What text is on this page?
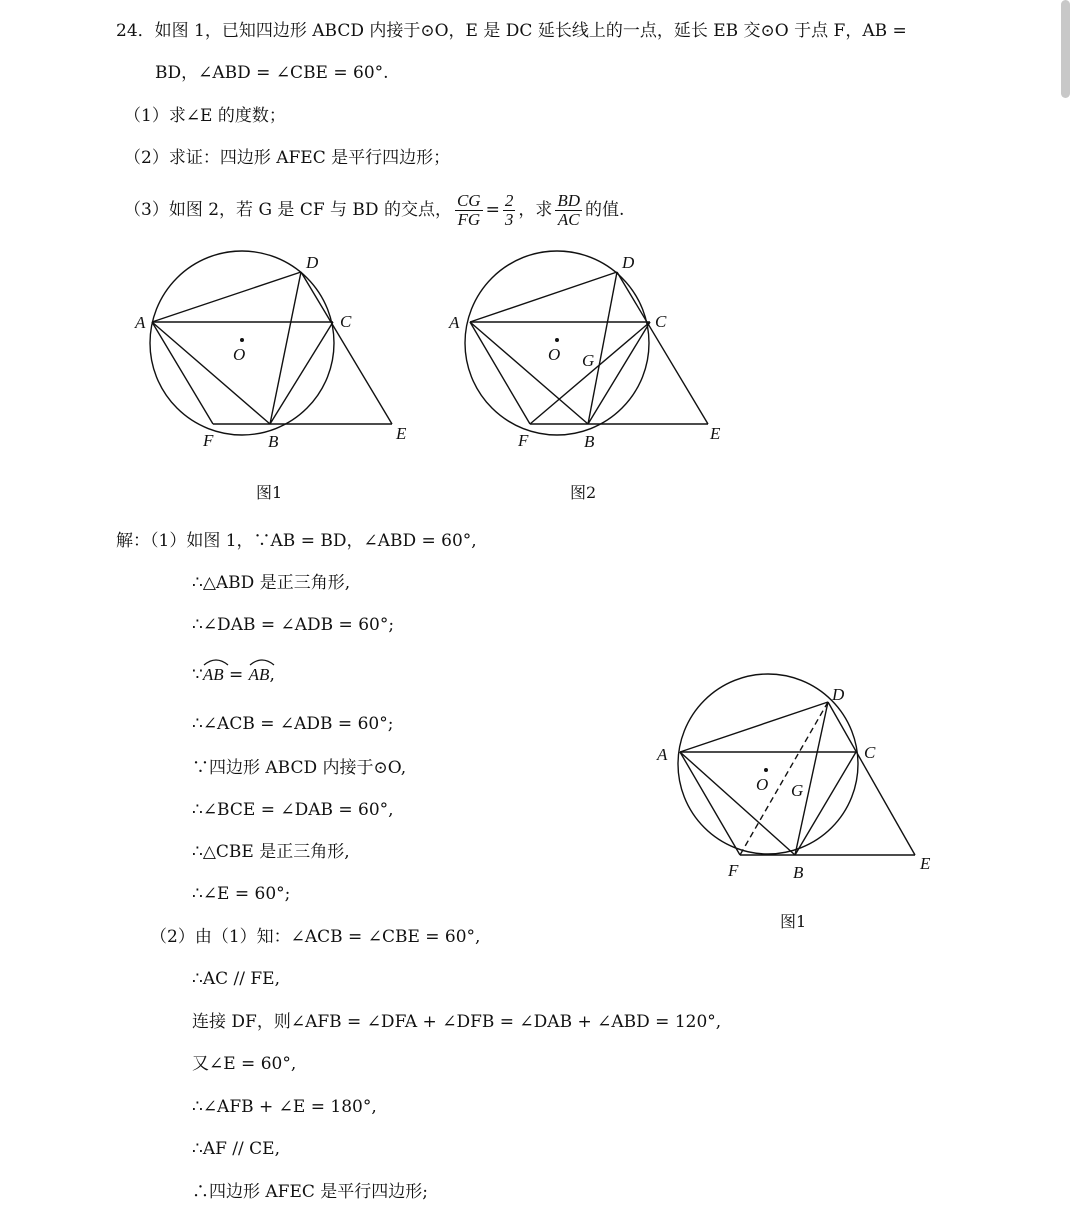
24．如图 1，已知四边形 ABCD 内接于⊙O，E 是 DC 延长线上的一点，延长 EB 交⊙O 于点 F，AB =
BD，∠ABD = ∠CBE = 60°.
（1）求∠E 的度数；
（2）求证：四边形 AFEC 是平行四边形；
（3）如图 2，若 G 是 CF 与 BD 的交点， $\frac{CG}{FG} = \frac{2}{3}$ ，求 $\frac{BD}{AC}$ 的值.
A
D
C
O
F	B	E
图1
A
D
C
O G
F	B	E
图2
解：（1）如图 1，∵AB = BD，∠ABD = 60°,
∴△ABD 是正三角形,
∴∠DAB = ∠ADB = 60°;
∵
AB =
AB,
∴∠ACB = ∠ADB = 60°;
∵四边形 ABCD 内接于⊙O,
∴∠BCE = ∠DAB = 60°,
∴△CBE 是正三角形,
∴∠E = 60°;
（2）由（1）知：∠ACB = ∠CBE = 60°,
∴AC // FE,
连接 DF，则∠AFB = ∠DFA + ∠DFB = ∠DAB + ∠ABD = 120°,
又∠E = 60°,
∴∠AFB + ∠E = 180°,
∴AF // CE,
∴四边形 AFEC 是平行四边形;
A
D
C
O G
F	B	E
图1
